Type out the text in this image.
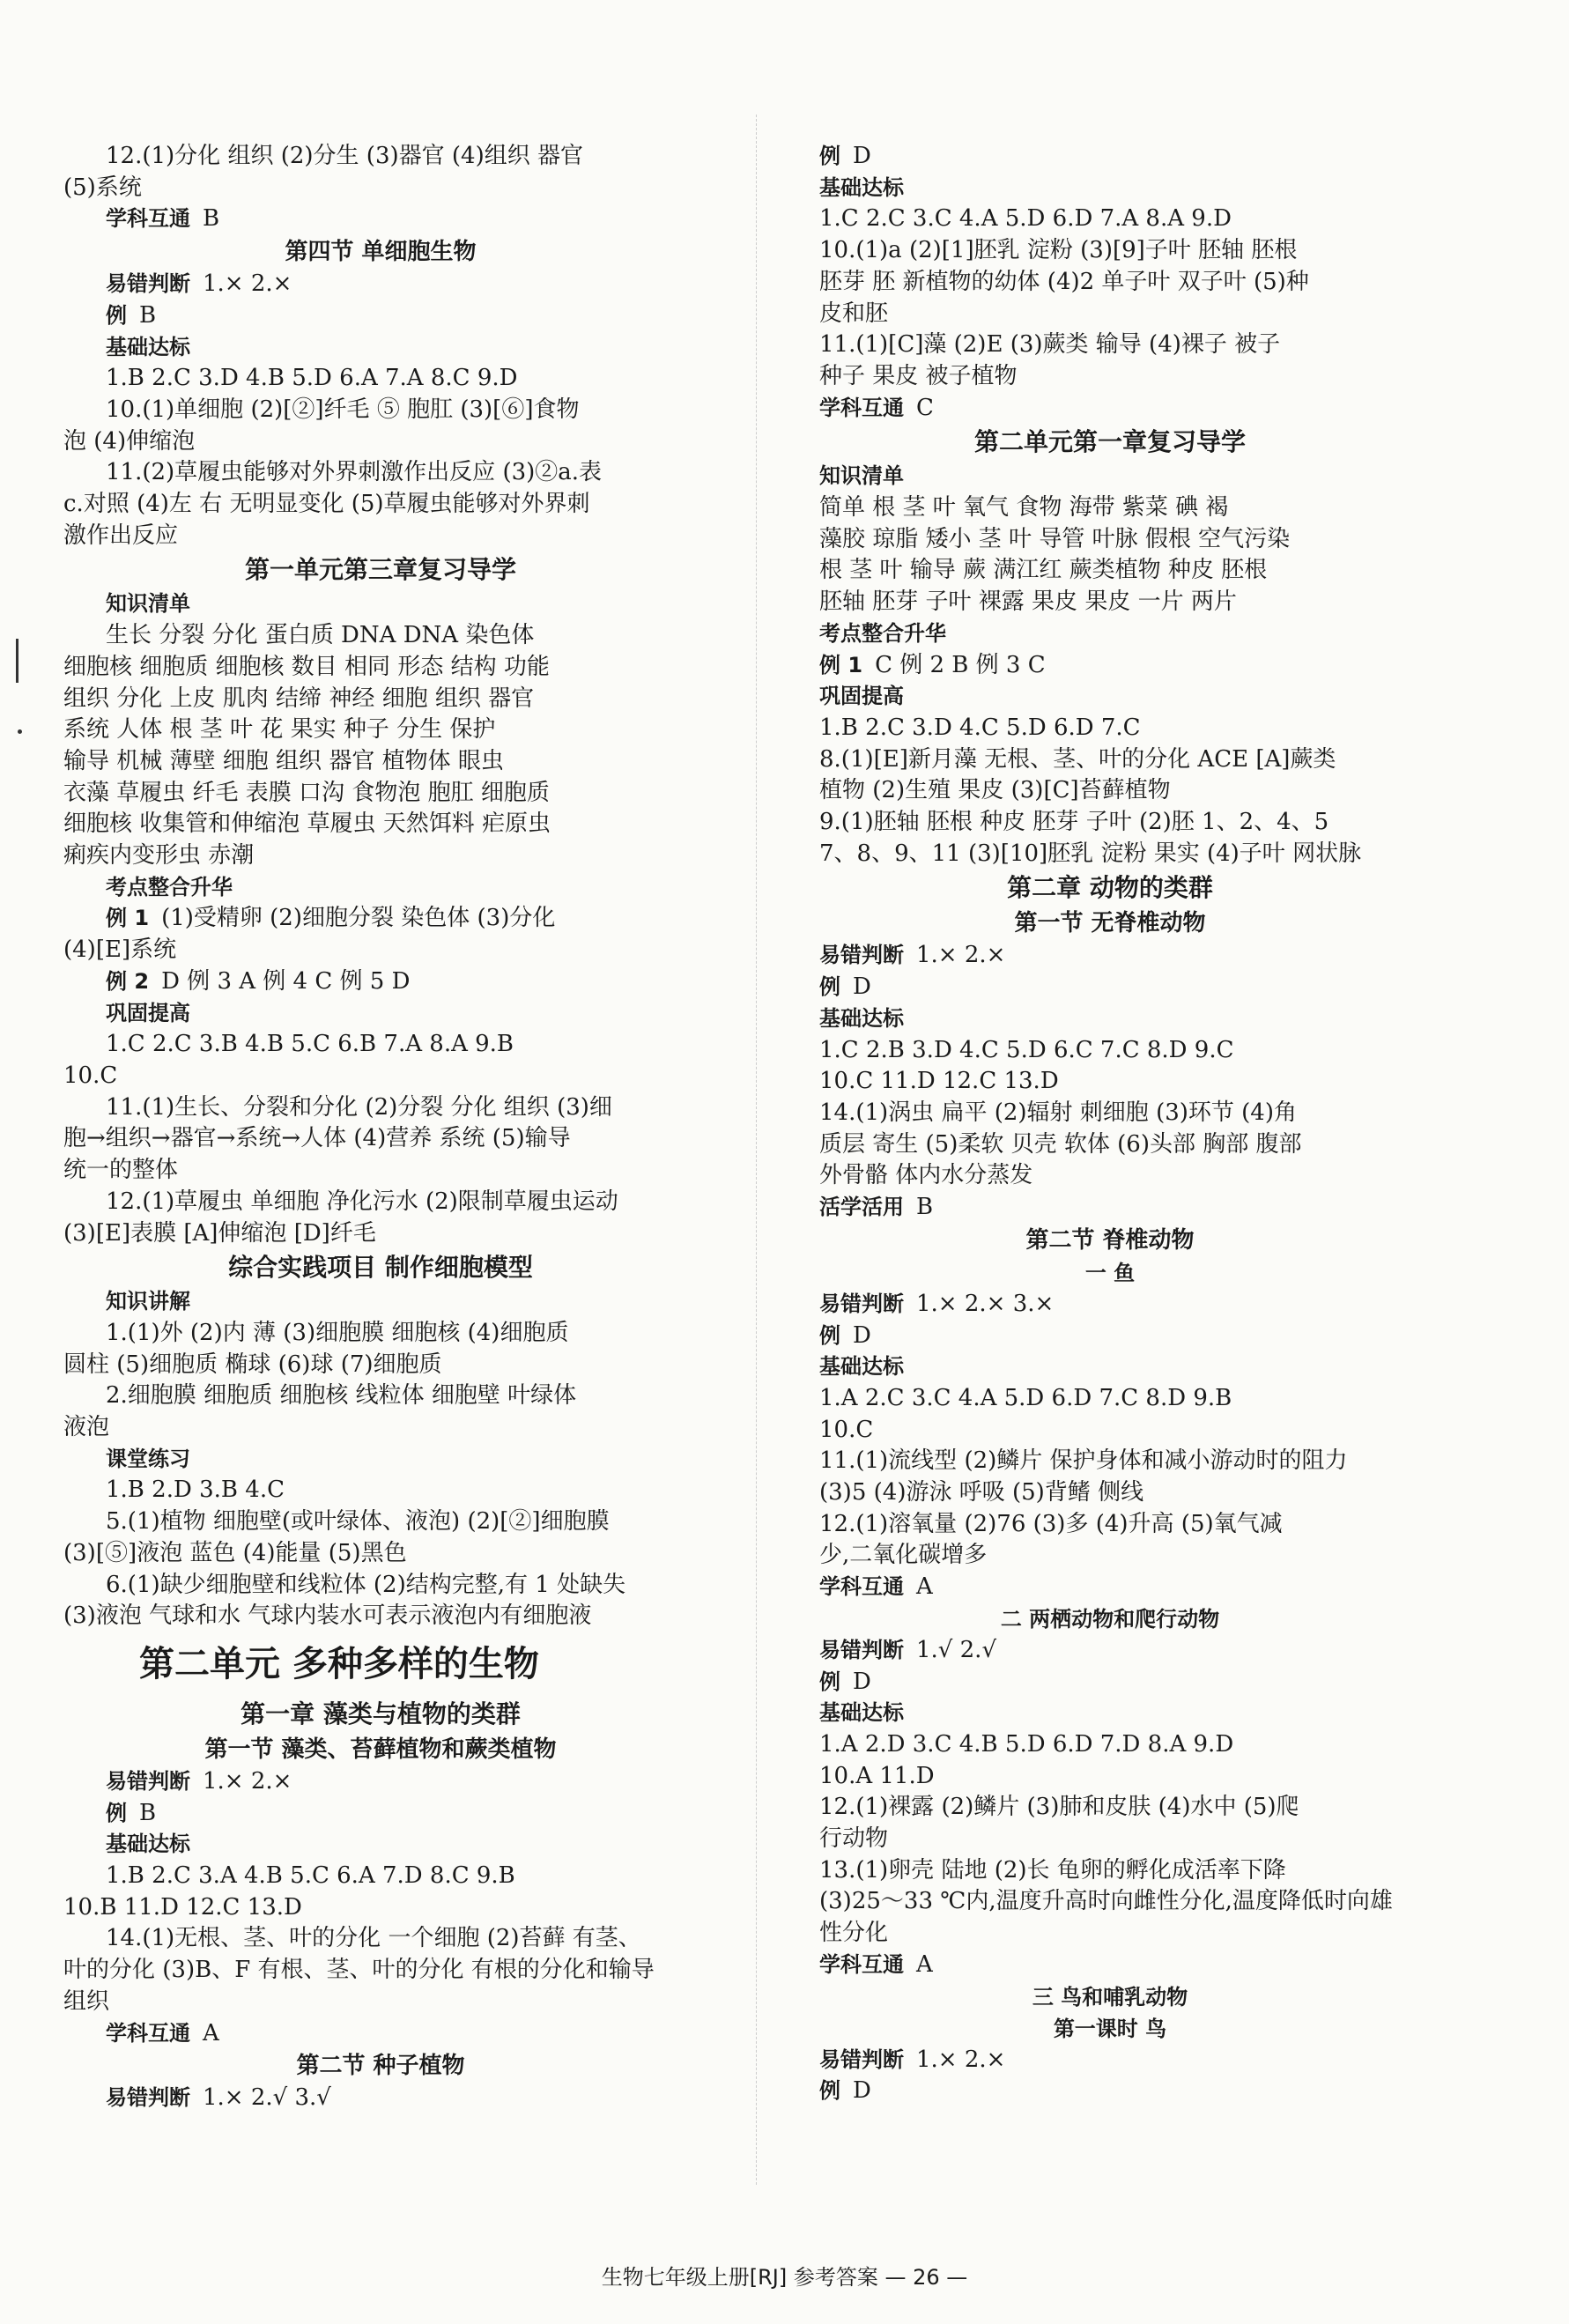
12.(1)分化 组织 (2)分生 (3)器官 (4)组织 器官
(5)系统
学科互通 B
第四节 单细胞生物
易错判断 1.× 2.×
例 B
基础达标
1.B 2.C 3.D 4.B 5.D 6.A 7.A 8.C 9.D
10.(1)单细胞 (2)[②]纤毛 ⑤ 胞肛 (3)[⑥]食物
泡 (4)伸缩泡
11.(2)草履虫能够对外界刺激作出反应 (3)②a.表
c.对照 (4)左 右 无明显变化 (5)草履虫能够对外界刺
激作出反应
第一单元第三章复习导学
知识清单
生长 分裂 分化 蛋白质 DNA DNA 染色体
细胞核 细胞质 细胞核 数目 相同 形态 结构 功能
组织 分化 上皮 肌肉 结缔 神经 细胞 组织 器官
系统 人体 根 茎 叶 花 果实 种子 分生 保护
输导 机械 薄壁 细胞 组织 器官 植物体 眼虫
衣藻 草履虫 纤毛 表膜 口沟 食物泡 胞肛 细胞质
细胞核 收集管和伸缩泡 草履虫 天然饵料 疟原虫
痢疾内变形虫 赤潮
考点整合升华
例 1 (1)受精卵 (2)细胞分裂 染色体 (3)分化
(4)[E]系统
例 2 D 例 3 A 例 4 C 例 5 D
巩固提高
1.C 2.C 3.B 4.B 5.C 6.B 7.A 8.A 9.B
10.C
11.(1)生长、分裂和分化 (2)分裂 分化 组织 (3)细
胞→组织→器官→系统→人体 (4)营养 系统 (5)输导
统一的整体
12.(1)草履虫 单细胞 净化污水 (2)限制草履虫运动
(3)[E]表膜 [A]伸缩泡 [D]纤毛
综合实践项目 制作细胞模型
知识讲解
1.(1)外 (2)内 薄 (3)细胞膜 细胞核 (4)细胞质
圆柱 (5)细胞质 椭球 (6)球 (7)细胞质
2.细胞膜 细胞质 细胞核 线粒体 细胞壁 叶绿体
液泡
课堂练习
1.B 2.D 3.B 4.C
5.(1)植物 细胞壁(或叶绿体、液泡) (2)[②]细胞膜
(3)[⑤]液泡 蓝色 (4)能量 (5)黑色
6.(1)缺少细胞壁和线粒体 (2)结构完整,有 1 处缺失
(3)液泡 气球和水 气球内装水可表示液泡内有细胞液
第二单元 多种多样的生物
第一章 藻类与植物的类群
第一节 藻类、苔藓植物和蕨类植物
易错判断 1.× 2.×
例 B
基础达标
1.B 2.C 3.A 4.B 5.C 6.A 7.D 8.C 9.B
10.B 11.D 12.C 13.D
14.(1)无根、茎、叶的分化 一个细胞 (2)苔藓 有茎、
叶的分化 (3)B、F 有根、茎、叶的分化 有根的分化和输导
组织
学科互通 A
第二节 种子植物
易错判断 1.× 2.√ 3.√
例 D
基础达标
1.C 2.C 3.C 4.A 5.D 6.D 7.A 8.A 9.D
10.(1)a (2)[1]胚乳 淀粉 (3)[9]子叶 胚轴 胚根
胚芽 胚 新植物的幼体 (4)2 单子叶 双子叶 (5)种
皮和胚
11.(1)[C]藻 (2)E (3)蕨类 输导 (4)裸子 被子
种子 果皮 被子植物
学科互通 C
第二单元第一章复习导学
知识清单
简单 根 茎 叶 氧气 食物 海带 紫菜 碘 褐
藻胶 琼脂 矮小 茎 叶 导管 叶脉 假根 空气污染
根 茎 叶 输导 蕨 满江红 蕨类植物 种皮 胚根
胚轴 胚芽 子叶 裸露 果皮 果皮 一片 两片
考点整合升华
例 1 C 例 2 B 例 3 C
巩固提高
1.B 2.C 3.D 4.C 5.D 6.D 7.C
8.(1)[E]新月藻 无根、茎、叶的分化 ACE [A]蕨类
植物 (2)生殖 果皮 (3)[C]苔藓植物
9.(1)胚轴 胚根 种皮 胚芽 子叶 (2)胚 1、2、4、5
7、8、9、11 (3)[10]胚乳 淀粉 果实 (4)子叶 网状脉
第二章 动物的类群
第一节 无脊椎动物
易错判断 1.× 2.×
例 D
基础达标
1.C 2.B 3.D 4.C 5.D 6.C 7.C 8.D 9.C
10.C 11.D 12.C 13.D
14.(1)涡虫 扁平 (2)辐射 刺细胞 (3)环节 (4)角
质层 寄生 (5)柔软 贝壳 软体 (6)头部 胸部 腹部
外骨骼 体内水分蒸发
活学活用 B
第二节 脊椎动物
一 鱼
易错判断 1.× 2.× 3.×
例 D
基础达标
1.A 2.C 3.C 4.A 5.D 6.D 7.C 8.D 9.B
10.C
11.(1)流线型 (2)鳞片 保护身体和减小游动时的阻力
(3)5 (4)游泳 呼吸 (5)背鳍 侧线
12.(1)溶氧量 (2)76 (3)多 (4)升高 (5)氧气减
少,二氧化碳增多
学科互通 A
二 两栖动物和爬行动物
易错判断 1.√ 2.√
例 D
基础达标
1.A 2.D 3.C 4.B 5.D 6.D 7.D 8.A 9.D
10.A 11.D
12.(1)裸露 (2)鳞片 (3)肺和皮肤 (4)水中 (5)爬
行动物
13.(1)卵壳 陆地 (2)长 龟卵的孵化成活率下降
(3)25～33 ℃内,温度升高时向雌性分化,温度降低时向雄
性分化
学科互通 A
三 鸟和哺乳动物
第一课时 鸟
易错判断 1.× 2.×
例 D
生物七年级上册[RJ] 参考答案 — 26 —
